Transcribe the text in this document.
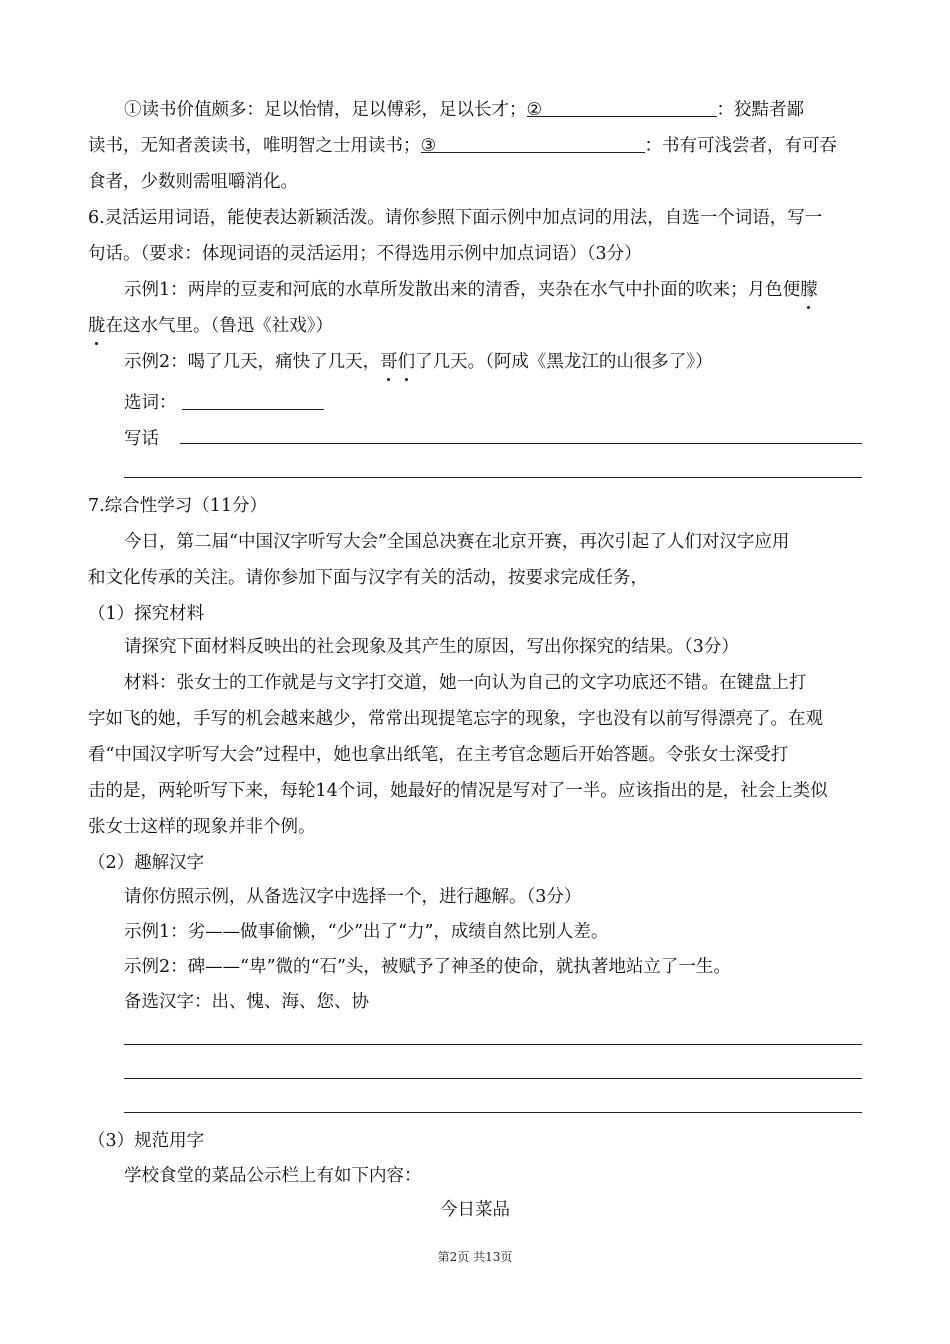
①读书价值颇多：足以怡情，足以傅彩，足以长才；②	：狡黠者鄙
读书，无知者羡读书，唯明智之士用读书；③	：书有可浅尝者，有可吞
食者，少数则需咀嚼消化。
6.灵活运用词语，能使表达新颖活泼。请你参照下面示例中加点词的用法，自选一个词语，写一
句话。（要求：体现词语的灵活运用；不得选用示例中加点词语）（3分）
示例1：两岸的豆麦和河底的水草所发散出来的清香，夹杂在水气中扑面的吹来；月色便朦
胧在这水气里。（鲁迅《社戏》）
示例2：喝了几天，痛快了几天，哥们了几天。（阿成《黑龙江的山很多了》）
选词：
写话
7.综合性学习（11分）
今日，第二届“中国汉字听写大会”全国总决赛在北京开赛，再次引起了人们对汉字应用
和文化传承的关注。请你参加下面与汉字有关的活动，按要求完成任务，
（1）探究材料
请探究下面材料反映出的社会现象及其产生的原因，写出你探究的结果。（3分）
材料：张女士的工作就是与文字打交道，她一向认为自己的文字功底还不错。在键盘上打
字如飞的她，手写的机会越来越少，常常出现提笔忘字的现象，字也没有以前写得漂亮了。在观
看“中国汉字听写大会”过程中，她也拿出纸笔，在主考官念题后开始答题。令张女士深受打
击的是，两轮听写下来，每轮14个词，她最好的情况是写对了一半。应该指出的是，社会上类似
张女士这样的现象并非个例。
（2）趣解汉字
请你仿照示例，从备选汉字中选择一个，进行趣解。（3分）
示例1：劣——做事偷懒，“少”出了“力”，成绩自然比别人差。
示例2：碑——“卑”微的“石”头，被赋予了神圣的使命，就执著地站立了一生。
备选汉字：出、愧、海、您、协
（3）规范用字
学校食堂的菜品公示栏上有如下内容：
今日菜品
第2页 共13页
